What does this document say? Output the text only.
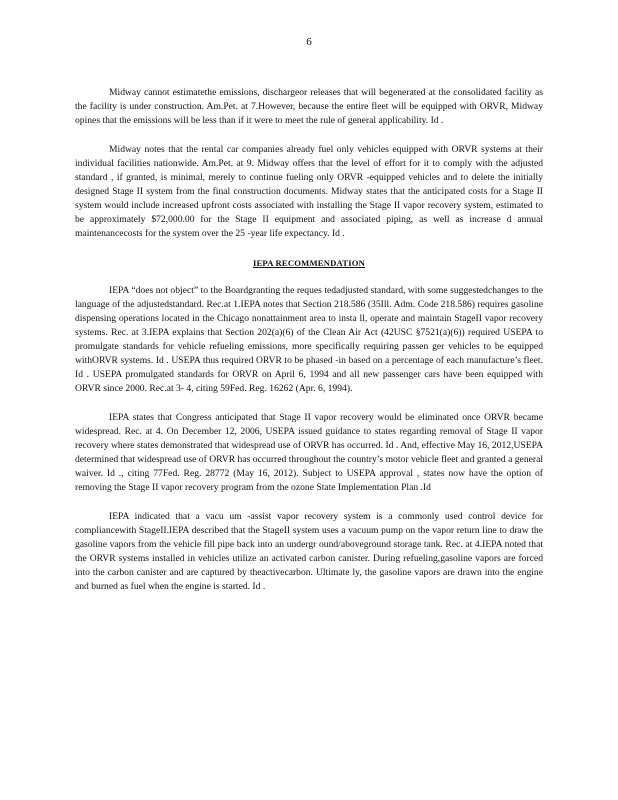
6

Midway cannot estimatethe emissions, dischargeor releases that will begenerated at the consolidated facility as the facility is under construction. Am.Pet. at 7.However, because the entire fleet will be equipped with ORVR, Midway opines that the emissions will be less than if it were to meet the rule of general applicability. Id .

Midway notes that the rental car companies already fuel only vehicles equipped with ORVR systems at their individual facilities nationwide. Am.Pet. at 9. Midway offers that the level of effort for it to comply with the adjusted standard , if granted, is minimal, merely to continue fueling only ORVR -equipped vehicles and to delete the initially designed Stage II system from the final construction documents. Midway states that the anticipated costs for a Stage II system would include increased upfront costs associated with installing the Stage II vapor recovery system, estimated to be approximately $72,000.00 for the Stage II equipment and associated piping, as well as increase d annual maintenancecosts for the system over the 25 -year life expectancy. Id .

IEPA RECOMMENDATION

IEPA “does not object” to the Boardgranting the reques tedadjusted standard, with some suggestedchanges to the language of the adjustedstandard. Rec.at 1.IEPA notes that Section 218.586 (35Ill. Adm. Code 218.586) requires gasoline dispensing operations located in the Chicago nonattainment area to insta ll, operate and maintain StageII vapor recovery systems. Rec. at 3.IEPA explains that Section 202(a)(6) of the Clean Air Act (42USC §7521(a)(6)) required USEPA to promulgate standards for vehicle refueling emissions, more specifically requiring passen ger vehicles to be equipped withORVR systems. Id . USEPA thus required ORVR to be phased -in based on a percentage of each manufacture’s fleet. Id . USEPA promulgated standards for ORVR on April 6, 1994 and all new passenger cars have been equipped with ORVR since 2000. Rec.at 3- 4, citing 59Fed. Reg. 16262 (Apr. 6, 1994).

IEPA states that Congress anticipated that Stage II vapor recovery would be eliminated once ORVR became widespread. Rec. at 4. On December 12, 2006, USEPA issued guidance to states regarding removal of Stage II vapor recovery where states demonstrated that widespread use of ORVR has occurred. Id . And, effective May 16, 2012,USEPA determined that widespread use of ORVR has occurred throughout the country’s motor vehicle fleet and granted a general waiver. Id ., citing 77Fed. Reg. 28772 (May 16, 2012). Subject to USEPA approval , states now have the option of removing the Stage II vapor recovery program from the ozone State Implementation Plan .Id

IEPA indicated that a vacu um -assist vapor recovery system is a commonly used control device for compliancewith StageII.IEPA described that the StageII system uses a vacuum pump on the vapor return line to draw the gasoline vapors from the vehicle fill pipe back into an undergr ound/aboveground storage tank. Rec. at 4.IEPA noted that the ORVR systems installed in vehicles utilize an activated carbon canister. During refueling,gasoline vapors are forced into the carbon canister and are captured by theactivecarbon. Ultimate ly, the gasoline vapors are drawn into the engine and burned as fuel when the engine is started. Id .
